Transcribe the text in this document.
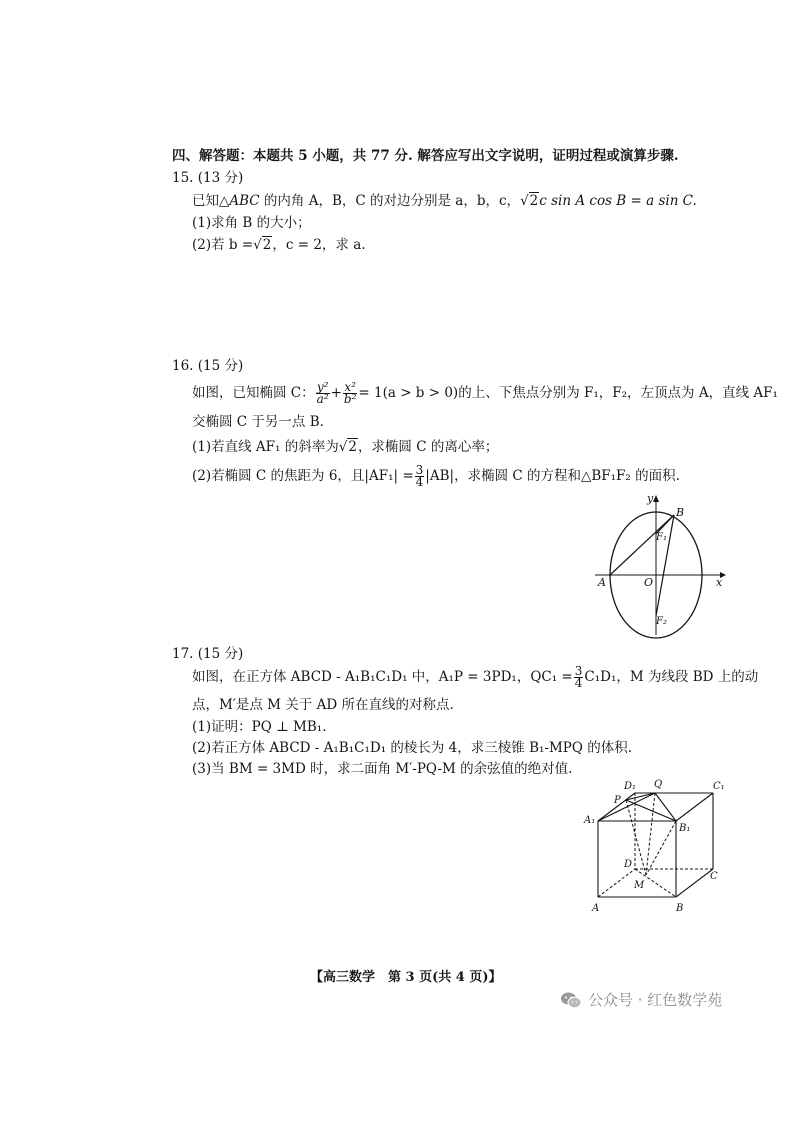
四、解答题：本题共 5 小题，共 77 分. 解答应写出文字说明，证明过程或演算步骤.
15. (13 分)
已知△ABC 的内角 A，B，C 的对边分别是 a，b，c，√2c sin A cos B = a sin C.
(1)求角 B 的大小；
(2)若 b =√2，c = 2，求 a.
16. (15 分)
如图，已知椭圆 C： $\frac{\text{y²}}{\text{a²}} + \frac{\text{x²}}{\text{b²}} = 1(a > b > 0)$的上、下焦点分别为 F₁，F₂，左顶点为 A，直线 AF₁
交椭圆 C 于另一点 B.
(1)若直线 AF₁ 的斜率为√2，求椭圆 C 的离心率；
(2)若椭圆 C 的焦距为 6，且$|AF_1| = \frac{3}{4} |AB|$，求椭圆 C 的方程和△BF₁F₂ 的面积.
y
x
B
F₁
A	O
F₂
17. (15 分)
如图，在正方体 ABCD - A₁B₁C₁D₁ 中，A₁P = 3PD₁，$QC_1 = \frac{3}{4} C_1D_1$，M 为线段 BD 上的动
点，M′是点 M 关于 AD 所在直线的对称点.
(1)证明：PQ ⊥ MB₁.
(2)若正方体 ABCD - A₁B₁C₁D₁ 的棱长为 4，求三棱锥 B₁-MPQ 的体积.
(3)当 BM = 3MD 时，求二面角 M′-PQ-M 的余弦值的绝对值.
D₁ Q	C₁
P
A₁
B₁
D
C
M
A	B
【高三数学　第 3 页(共 4 页)】
公众号 · 红色数学苑
